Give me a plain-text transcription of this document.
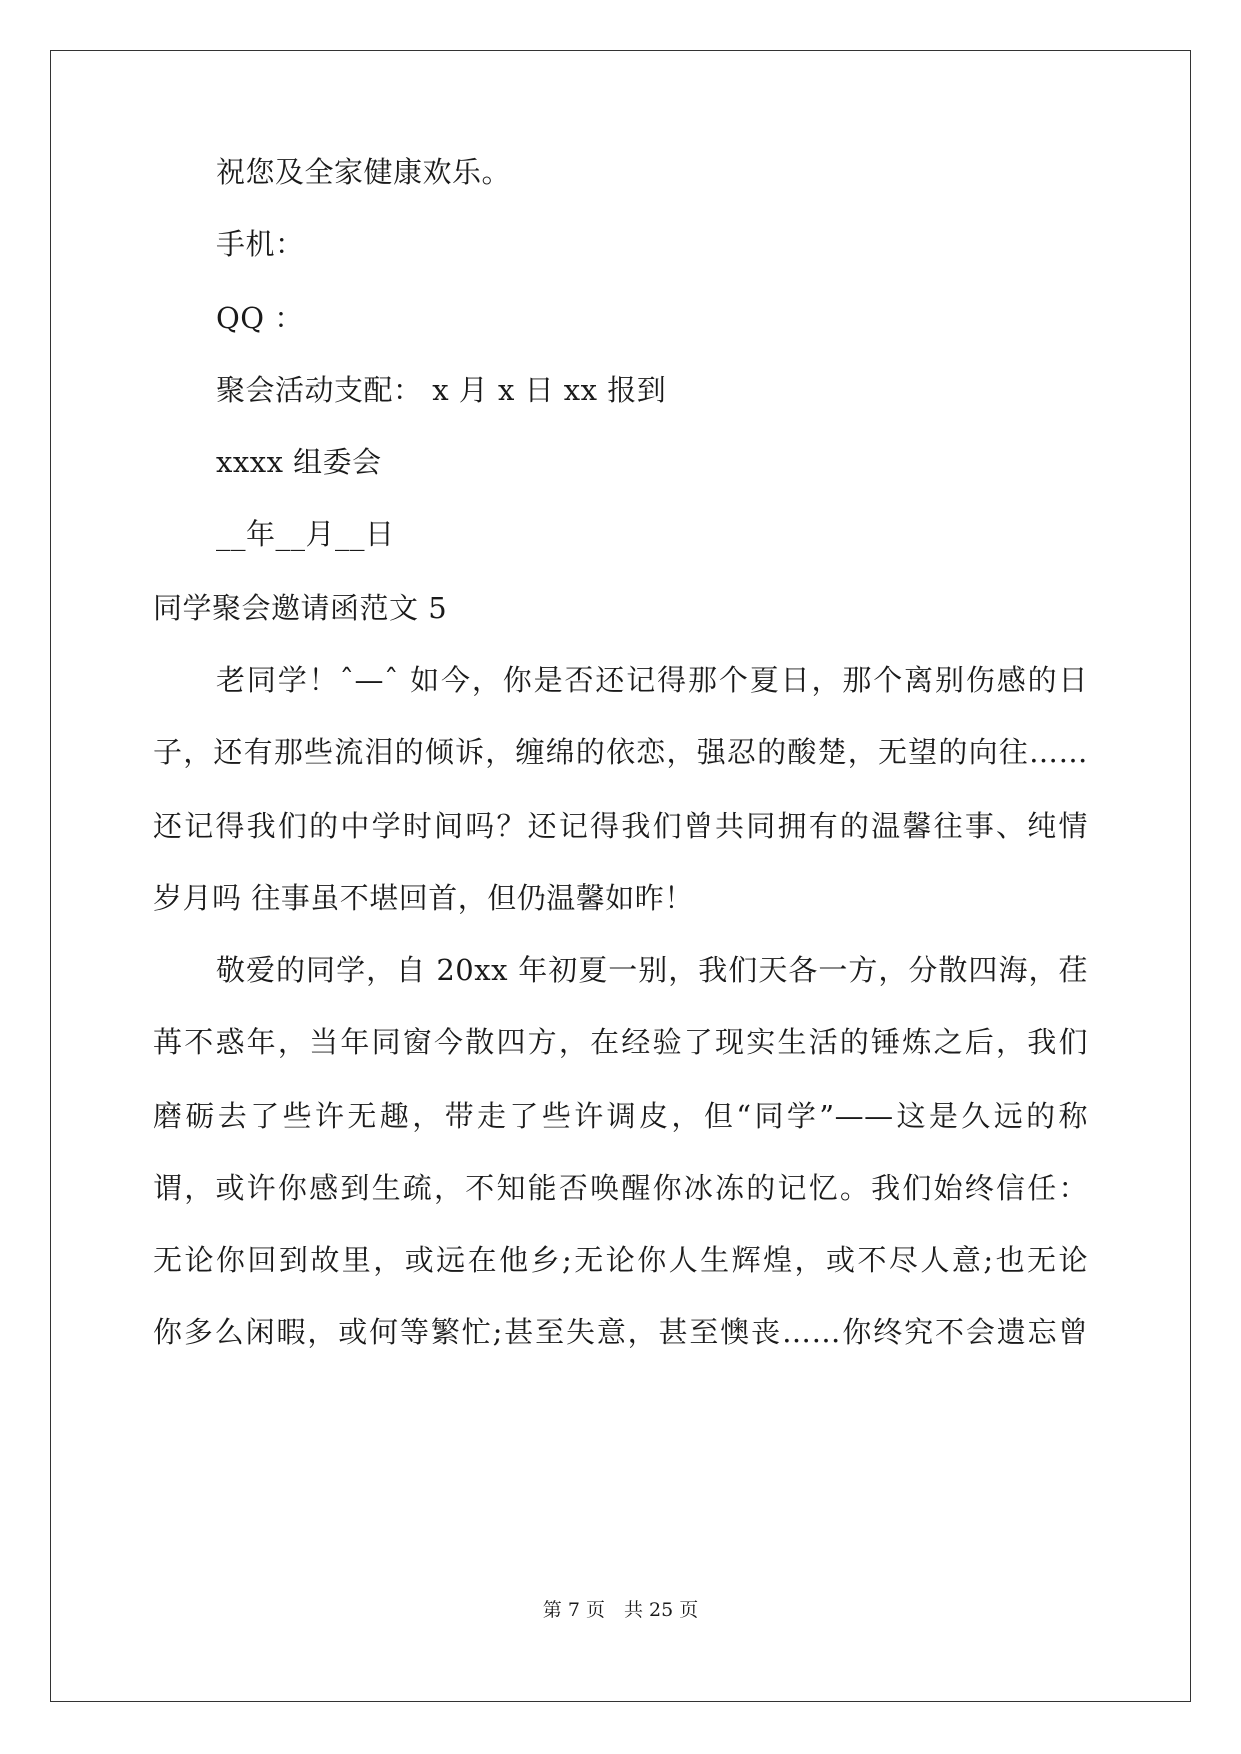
祝您及全家健康欢乐。
手机：
QQ ：
聚会活动支配： x 月 x 日 xx 报到
xxxx 组委会
__年__月__日
同学聚会邀请函范文 5
老同学！ˆ—ˆ 如今，你是否还记得那个夏日，那个离别伤感的日
子，还有那些流泪的倾诉，缠绵的依恋，强忍的酸楚，无望的向往……
还记得我们的中学时间吗？还记得我们曾共同拥有的温馨往事、纯情
岁月吗 往事虽不堪回首，但仍温馨如昨！
敬爱的同学，自 20xx 年初夏一别，我们天各一方，分散四海，荏
苒不惑年，当年同窗今散四方，在经验了现实生活的锤炼之后，我们
磨砺去了些许无趣，带走了些许调皮，但“同学”——这是久远的称
谓，或许你感到生疏，不知能否唤醒你冰冻的记忆。我们始终信任：
无论你回到故里，或远在他乡;无论你人生辉煌，或不尽人意;也无论
你多么闲暇，或何等繁忙;甚至失意，甚至懊丧……你终究不会遗忘曾
第 7 页　共 25 页
